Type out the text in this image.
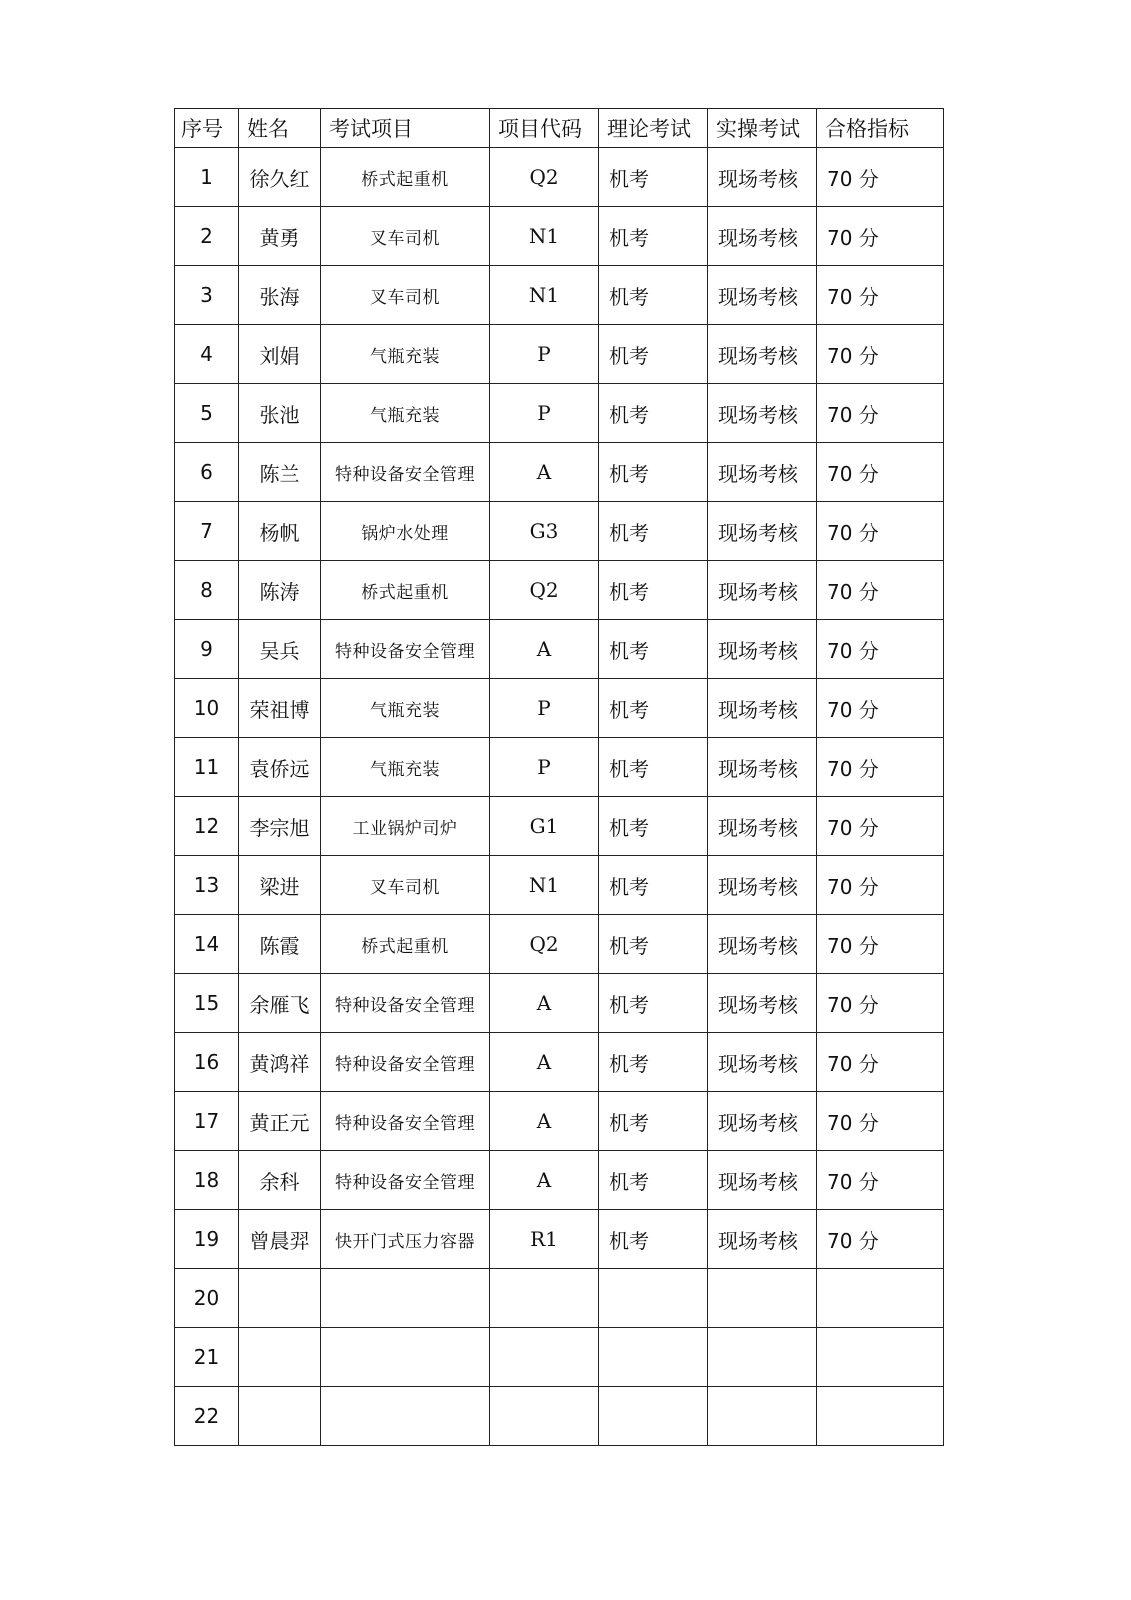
序号	姓名	考试项目	项目代码	理论考试	实操考试	合格指标
1	徐久红	桥式起重机	Q2	机考	现场考核	70 分
2	黄勇	叉车司机	N1	机考	现场考核	70 分
3	张海	叉车司机	N1	机考	现场考核	70 分
4	刘娟	气瓶充装	P	机考	现场考核	70 分
5	张池	气瓶充装	P	机考	现场考核	70 分
6	陈兰	特种设备安全管理	A	机考	现场考核	70 分
7	杨帆	锅炉水处理	G3	机考	现场考核	70 分
8	陈涛	桥式起重机	Q2	机考	现场考核	70 分
9	吴兵	特种设备安全管理	A	机考	现场考核	70 分
10	荣祖博	气瓶充装	P	机考	现场考核	70 分
11	袁侨远	气瓶充装	P	机考	现场考核	70 分
12	李宗旭	工业锅炉司炉	G1	机考	现场考核	70 分
13	梁进	叉车司机	N1	机考	现场考核	70 分
14	陈霞	桥式起重机	Q2	机考	现场考核	70 分
15	余雁飞	特种设备安全管理	A	机考	现场考核	70 分
16	黄鸿祥	特种设备安全管理	A	机考	现场考核	70 分
17	黄正元	特种设备安全管理	A	机考	现场考核	70 分
18	余科	特种设备安全管理	A	机考	现场考核	70 分
19	曾晨羿	快开门式压力容器	R1	机考	现场考核	70 分
20						
21						
22						
